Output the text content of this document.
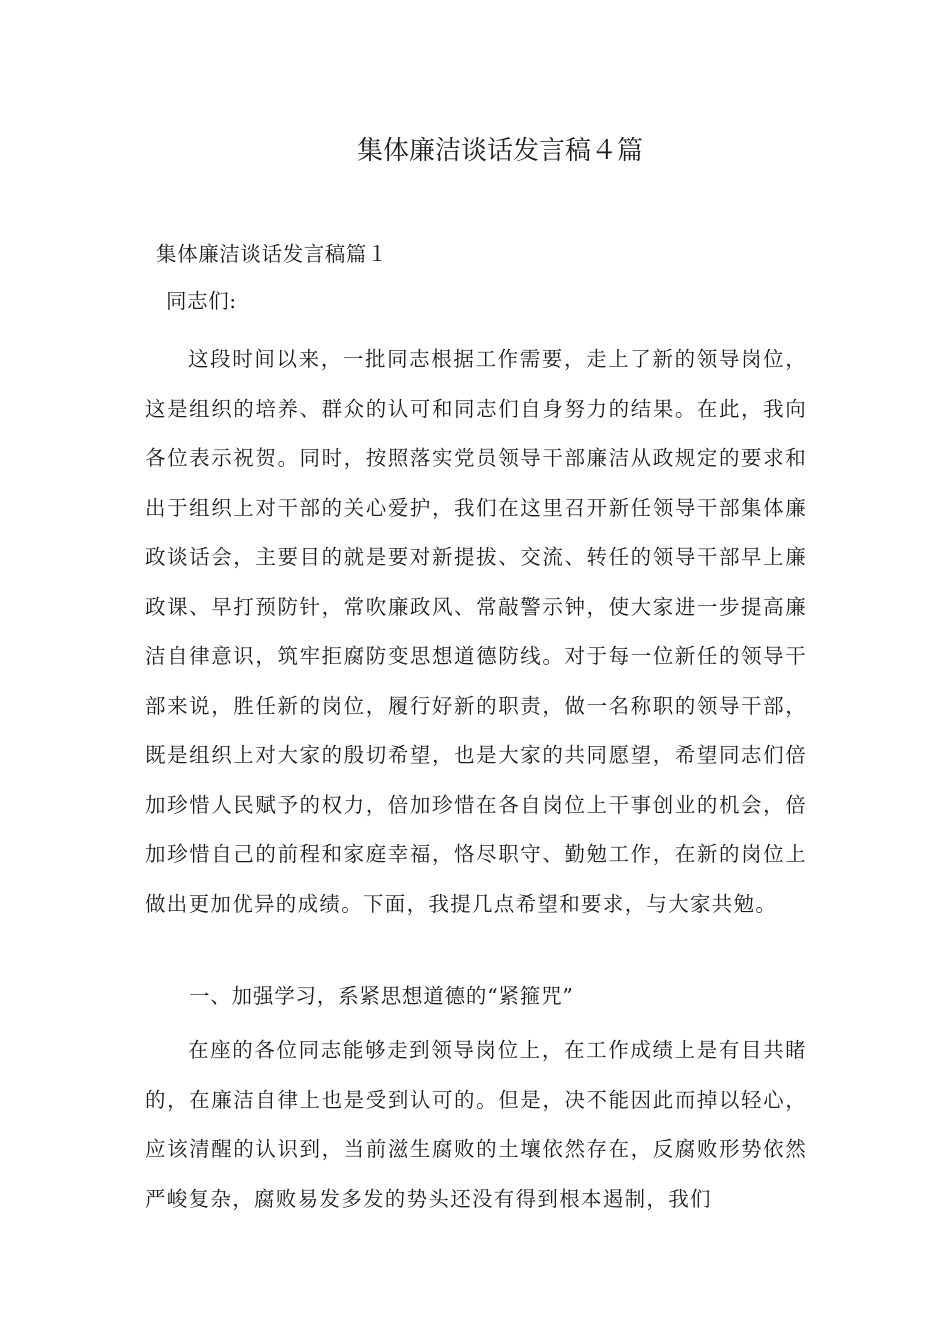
集体廉洁谈话发言稿４篇
集体廉洁谈话发言稿篇１
同志们:

这段时间以来，一批同志根据工作需要，走上了新的领导岗位，这是组织的培养、群众的认可和同志们自身努力的结果。在此，我向各位表示祝贺。同时，按照落实党员领导干部廉洁从政规定的要求和出于组织上对干部的关心爱护，我们在这里召开新任领导干部集体廉政谈话会，主要目的就是要对新提拔、交流、转任的领导干部早上廉政课、早打预防针，常吹廉政风、常敲警示钟，使大家进一步提高廉洁自律意识，筑牢拒腐防变思想道德防线。对于每一位新任的领导干部来说，胜任新的岗位，履行好新的职责，做一名称职的领导干部，既是组织上对大家的殷切希望，也是大家的共同愿望，希望同志们倍加珍惜人民赋予的权力，倍加珍惜在各自岗位上干事创业的机会，倍加珍惜自己的前程和家庭幸福，恪尽职守、勤勉工作，在新的岗位上做出更加优异的成绩。下面，我提几点希望和要求，与大家共勉。

一、加强学习，系紧思想道德的“紧箍咒”

在座的各位同志能够走到领导岗位上，在工作成绩上是有目共睹的，在廉洁自律上也是受到认可的。但是，决不能因此而掉以轻心，应该清醒的认识到，当前滋生腐败的土壤依然存在，反腐败形势依然严峻复杂，腐败易发多发的势头还没有得到根本遏制，我们
